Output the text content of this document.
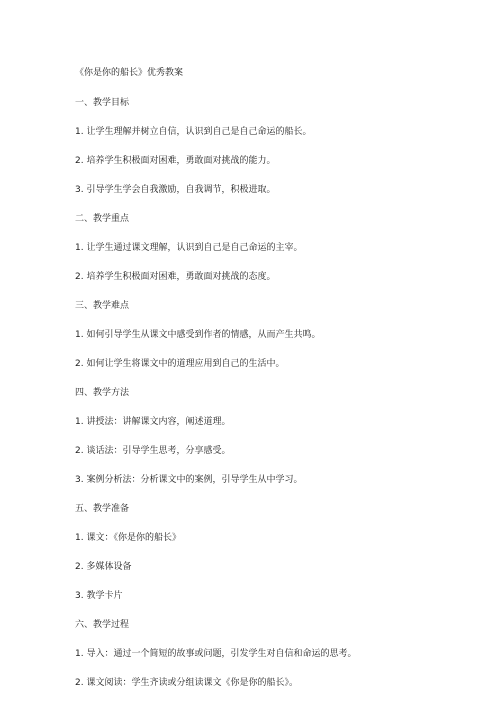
《你是你的船长》优秀教案

一、教学目标

1. 让学生理解并树立自信，认识到自己是自己命运的船长。

2. 培养学生积极面对困难，勇敢面对挑战的能力。

3. 引导学生学会自我激励，自我调节，积极进取。

二、教学重点

1. 让学生通过课文理解，认识到自己是自己命运的主宰。

2. 培养学生积极面对困难，勇敢面对挑战的态度。

三、教学难点

1. 如何引导学生从课文中感受到作者的情感，从而产生共鸣。

2. 如何让学生将课文中的道理应用到自己的生活中。

四、教学方法

1. 讲授法：讲解课文内容，阐述道理。

2. 谈话法：引导学生思考，分享感受。

3. 案例分析法：分析课文中的案例，引导学生从中学习。

五、教学准备

1. 课文：《你是你的船长》

2. 多媒体设备

3. 教学卡片

六、教学过程

1. 导入：通过一个简短的故事或问题，引发学生对自信和命运的思考。

2. 课文阅读：学生齐读或分组读课文《你是你的船长》。
